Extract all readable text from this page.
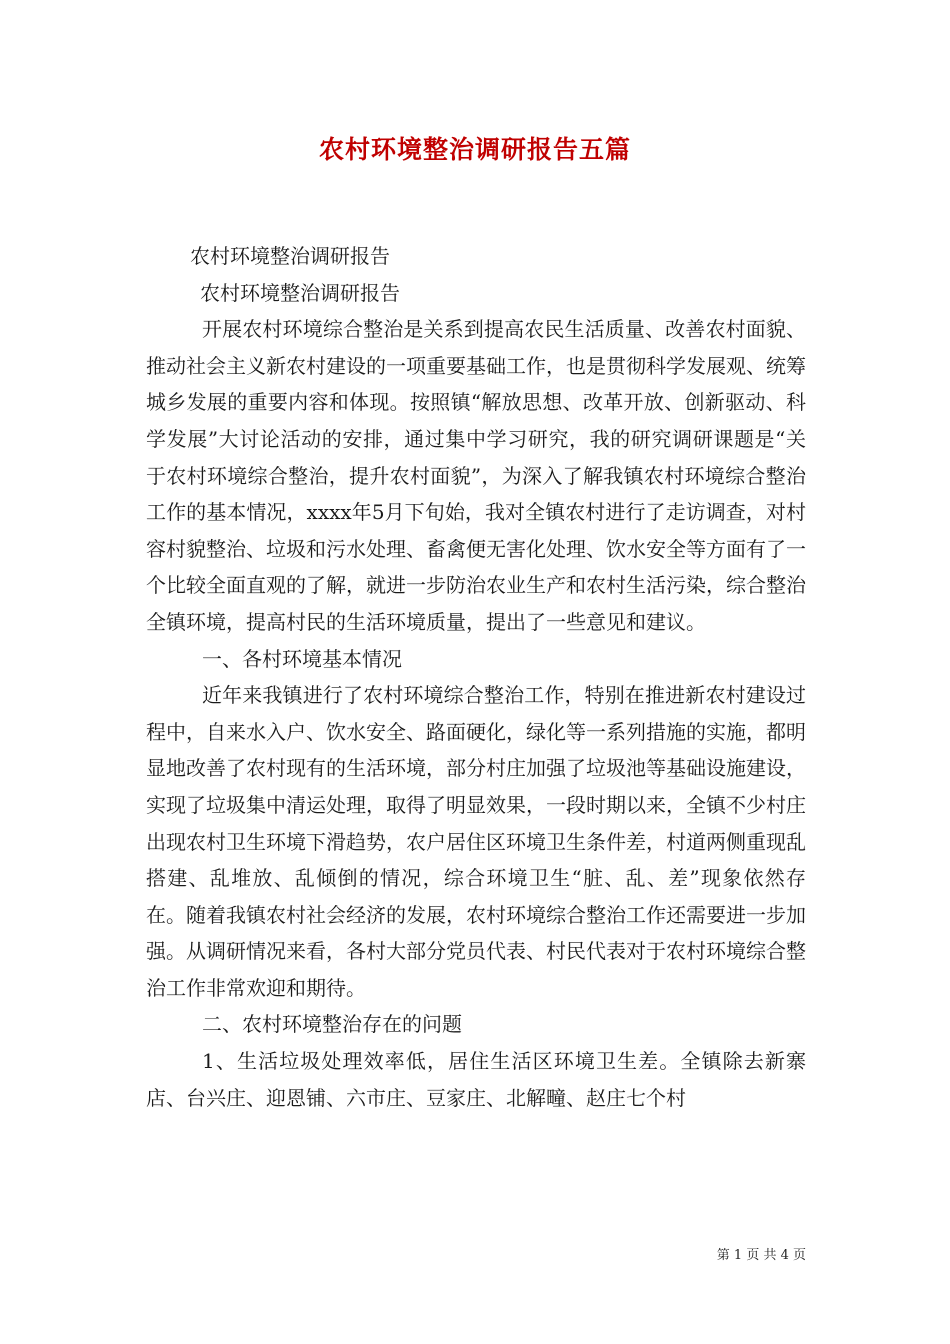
农村环境整治调研报告五篇

农村环境整治调研报告

农村环境整治调研报告

开展农村环境综合整治是关系到提高农民生活质量、改善农村面貌、推动社会主义新农村建设的一项重要基础工作，也是贯彻科学发展观、统筹城乡发展的重要内容和体现。按照镇“解放思想、改革开放、创新驱动、科学发展”大讨论活动的安排，通过集中学习研究，我的研究调研课题是“关于农村环境综合整治，提升农村面貌”，为深入了解我镇农村环境综合整治工作的基本情况，xxxx年5月下旬始，我对全镇农村进行了走访调查，对村容村貌整治、垃圾和污水处理、畜禽便无害化处理、饮水安全等方面有了一个比较全面直观的了解，就进一步防治农业生产和农村生活污染，综合整治全镇环境，提高村民的生活环境质量，提出了一些意见和建议。

一、各村环境基本情况

近年来我镇进行了农村环境综合整治工作，特别在推进新农村建设过程中，自来水入户、饮水安全、路面硬化，绿化等一系列措施的实施，都明显地改善了农村现有的生活环境，部分村庄加强了垃圾池等基础设施建设，实现了垃圾集中清运处理，取得了明显效果，一段时期以来，全镇不少村庄出现农村卫生环境下滑趋势，农户居住区环境卫生条件差，村道两侧重现乱搭建、乱堆放、乱倾倒的情况，综合环境卫生“脏、乱、差”现象依然存在。随着我镇农村社会经济的发展，农村环境综合整治工作还需要进一步加强。从调研情况来看，各村大部分党员代表、村民代表对于农村环境综合整治工作非常欢迎和期待。

二、农村环境整治存在的问题

1、生活垃圾处理效率低，居住生活区环境卫生差。全镇除去新寨店、台兴庄、迎恩铺、六市庄、豆家庄、北解疃、赵庄七个村

第 1 页 共 4 页
